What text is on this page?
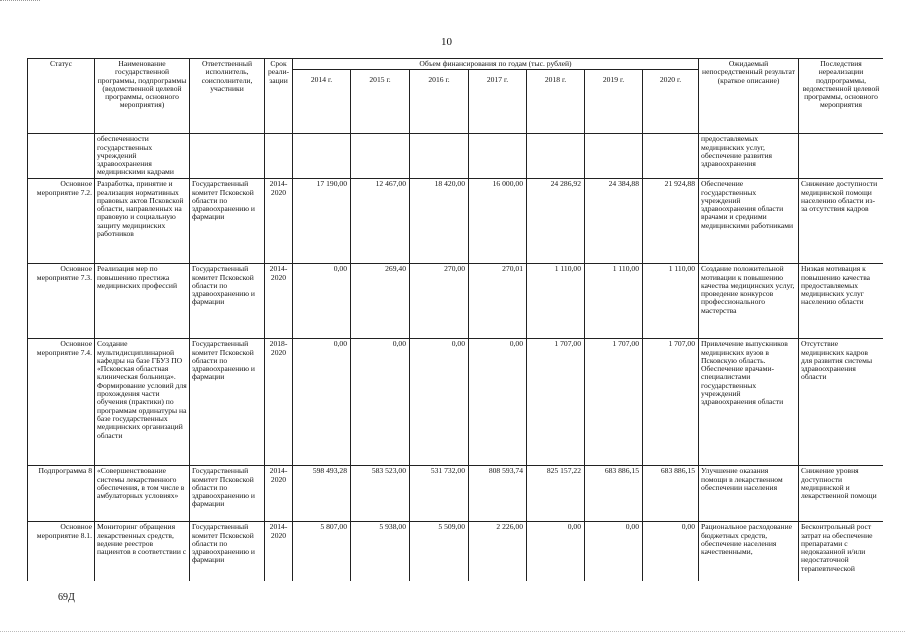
10
Статус	Наименование государственной программы, подпрограммы (ведомственной целевой программы, основного мероприятия)	Ответственный исполнитель, соисполнители, участники	Срок реали-зации	Объем финансирования по годам (тыс. рублей)							Ожидаемый непосредственный результат (краткое описание)	Последствия нереализации подпрограммы, ведомственной целевой программы, основного мероприятия
				2014 г.	2015 г.	2016 г.	2017 г.	2018 г.	2019 г.	2020 г.		
	обеспеченности государственных учреждений здравоохранения медицинскими кадрами										предоставляемых медицинских услуг, обеспечение развития здравоохранения	
Основное мероприятие 7.2.	Разработка, принятие и реализация нормативных правовых актов Псковской области, направленных на правовую и социальную защиту медицинских работников	Государственный комитет Псковской области по здравоохранению и фармации	2014-2020	17 190,00	12 467,00	18 420,00	16 000,00	24 286,92	24 384,88	21 924,88	Обеспечение государственных учреждений здравоохранения области врачами и средними медицинскими работниками	Снижение доступности медицинской помощи населению области из-за отсутствия кадров
Основное мероприятие 7.3.	Реализация мер по повышению престижа медицинских профессий	Государственный комитет Псковской области по здравоохранению и фармации	2014-2020	0,00	269,40	270,00	270,01	1 110,00	1 110,00	1 110,00	Создание положительной мотивации к повышению качества медицинских услуг, проведение конкурсов профессионального мастерства	Низкая мотивация к повышению качества предоставляемых медицинских услуг населению области
Основное мероприятие 7.4.	Создание мультидисциплинарной кафедры на базе ГБУЗ ПО «Псковская областная клиническая больница». Формирование условий для прохождения части обучения (практики) по программам ординатуры на базе государственных медицинских организаций области	Государственный комитет Псковской области по здравоохранению и фармации	2018-2020	0,00	0,00	0,00	0,00	1 707,00	1 707,00	1 707,00	Привлечение выпускников медицинских вузов в Псковскую область. Обеспечение врачами-специалистами государственных учреждений здравоохранения области	Отсутствие медицинских кадров для развития системы здравоохранения области
Подпрограмма 8	«Совершенствование системы лекарственного обеспечения, в том числе в амбулаторных условиях»	Государственный комитет Псковской области по здравоохранению и фармации	2014-2020	598 493,28	583 523,00	531 732,00	808 593,74	825 157,22	683 886,15	683 886,15	Улучшение оказания помощи в лекарственном обеспечении населения	Снижение уровня доступности медицинской и лекарственной помощи
Основное мероприятие 8.1.	Мониторинг обращения лекарственных средств, ведение реестров пациентов в соответствии с	Государственный комитет Псковской области по здравоохранению и фармации	2014-2020	5 807,00	5 938,00	5 509,00	2 226,00	0,00	0,00	0,00	Рациональное расходование бюджетных средств, обеспечение населения качественными,	Бесконтрольный рост затрат на обеспечение препаратами с недоказанной и/или недостаточной терапевтической
69Д
